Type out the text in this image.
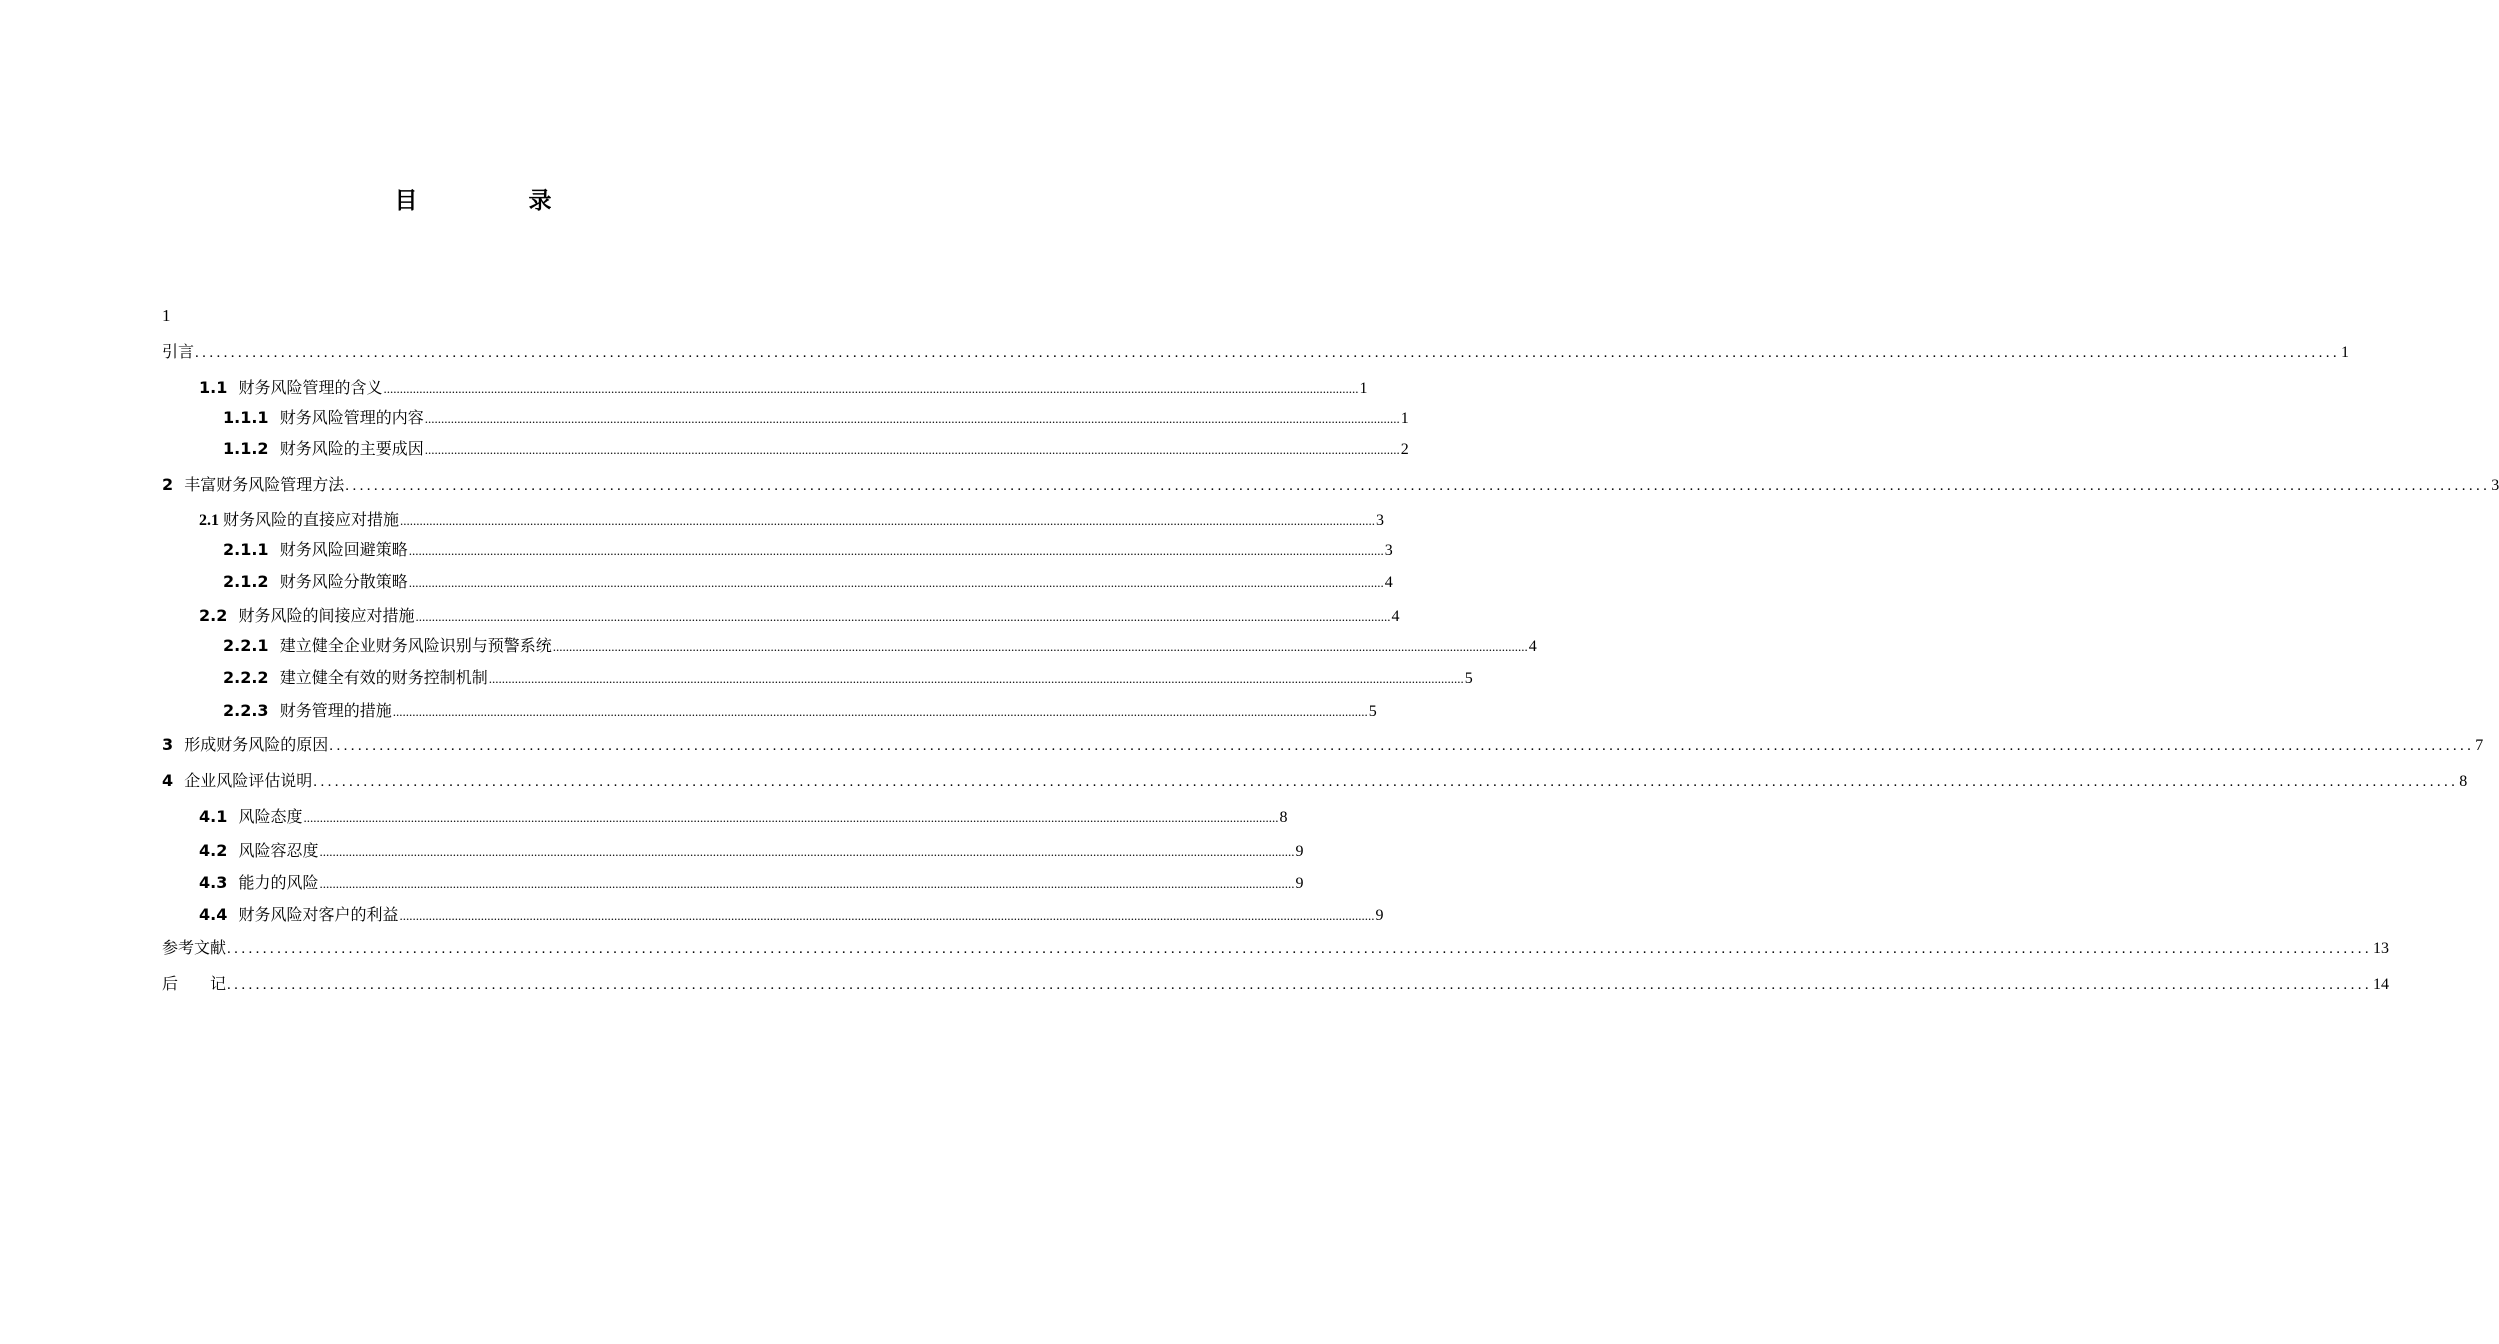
目　录
1
引言 ............................................................................................................................................................................................................................................................................................................ 1
1.1 财务风险管理的含义 ............................................................................................................................................................................................................................................................................................................ 1
1.1.1 财务风险管理的内容 ............................................................................................................................................................................................................................................................................................................ 1
1.1.2 财务风险的主要成因 ............................................................................................................................................................................................................................................................................................................ 2
2 丰富财务风险管理方法 ............................................................................................................................................................................................................................................................................................................ 3
2.1 财务风险的直接应对措施 ............................................................................................................................................................................................................................................................................................................ 3
2.1.1 财务风险回避策略 ............................................................................................................................................................................................................................................................................................................ 3
2.1.2 财务风险分散策略 ............................................................................................................................................................................................................................................................................................................ 4
2.2 财务风险的间接应对措施 ............................................................................................................................................................................................................................................................................................................ 4
2.2.1 建立健全企业财务风险识别与预警系统 ............................................................................................................................................................................................................................................................................................................ 4
2.2.2 建立健全有效的财务控制机制 ............................................................................................................................................................................................................................................................................................................ 5
2.2.3 财务管理的措施 ............................................................................................................................................................................................................................................................................................................ 5
3 形成财务风险的原因 ............................................................................................................................................................................................................................................................................................................ 7
4 企业风险评估说明 ............................................................................................................................................................................................................................................................................................................ 8
4.1 风险态度 ............................................................................................................................................................................................................................................................................................................ 8
4.2 风险容忍度 ............................................................................................................................................................................................................................................................................................................ 9
4.3 能力的风险 ............................................................................................................................................................................................................................................................................................................ 9
4.4 财务风险对客户的利益 ............................................................................................................................................................................................................................................................................................................ 9
参考文献 ............................................................................................................................................................................................................................................................................................................ 13
后　　记 ............................................................................................................................................................................................................................................................................................................ 14
